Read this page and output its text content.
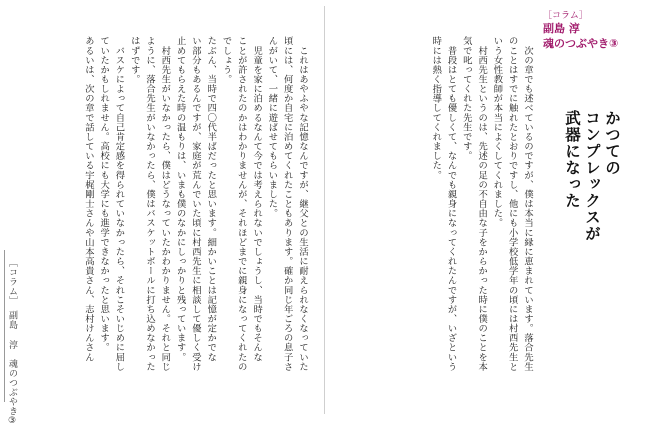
［コラム］　副島 淳　魂のつぶやき③	　これはあやふやな記憶なんですが、継父との生活に耐えられなくなっていた

頃には、何度か自宅に泊めてくれたこともあります。確か同じ年ごろの息子さ

んがいて、一緒に遊ばせてもらいました。

　児童を家に泊めるなんて今では考えられないでしょうし、当時でもそんな

ことが許されたのかはわかりませんが、それほどまでに親身になってくれたの

でしょう。

たぶん、当時で四〇代半ばだったと思います。細かいことは記憶が定かでな

い部分もあるんですが、家庭が荒んでいた頃に村西先生に相談して優しく受け

止めてもらえた時の温もりは、いまも僕のなかにしっかりと残っています。

　村西先生がいなかったら、僕はどうなっていたかわかりません。それと同じ

ように、落合先生がいなかったら、僕はバスケットボールに打ち込めなかった

はずです。

　バスケによって自己肯定感を得られていなかったら、それこそいじめに屈し

ていたかもしれません。高校にも大学にも進学できなかったと思います。

あるいは、次の章で話している宇梶剛士さんや山本高貴さん、志村けんさん	　次の章でも述べているのですが、僕は本当に縁に恵まれています。落合先生

のことはすでに触れたとおりですし、他にも小学校低学年の頃には村西先生と

いう女性教師が本当によくしてくれました。

　村西先生というのは、先述の足の不自由な子をからかった時に僕のことを本

気で叱ってくれた先生です。

　普段はとても優しくて、なんでも親身になってくれたんですが、いざという

時には熱く指導してくれました。

［コラム］
副島 淳
魂のつぶやき③

かつての

コンプレックスが

武器になった
